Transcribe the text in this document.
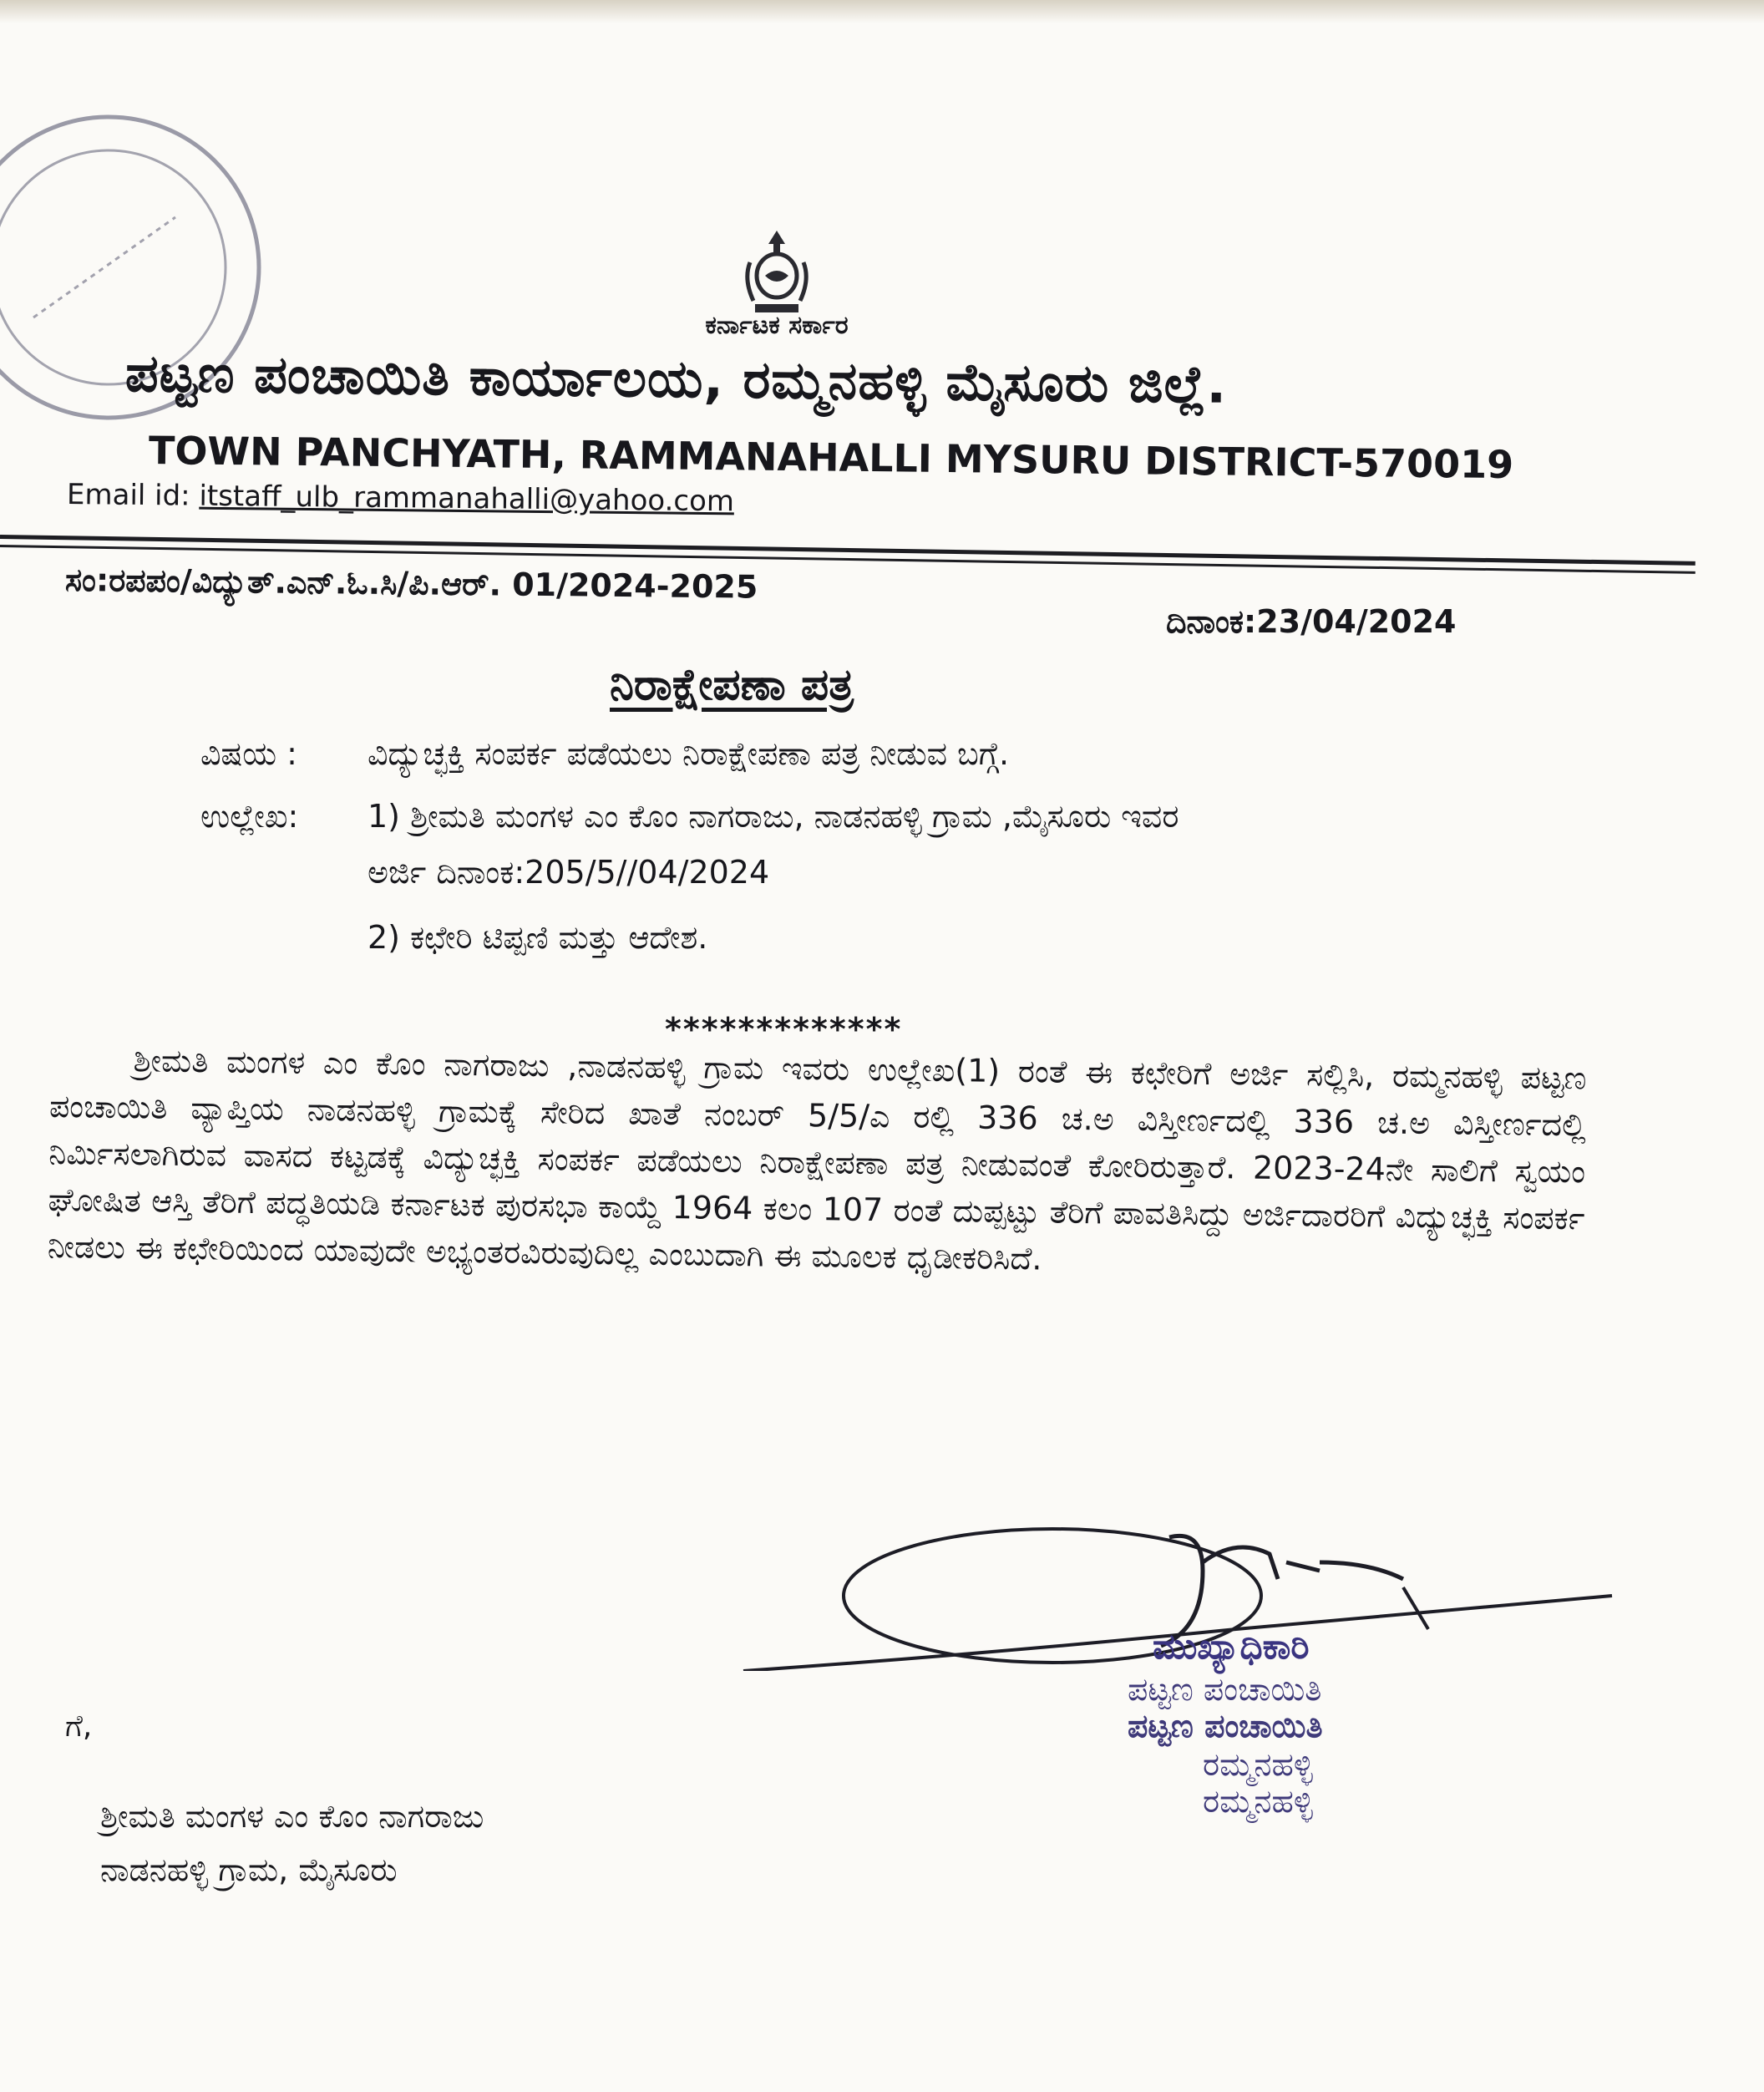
ಕರ್ನಾಟಕ ಸರ್ಕಾರ
ಪಟ್ಟಣ ಪಂಚಾಯಿತಿ ಕಾರ್ಯಾಲಯ, ರಮ್ಮನಹಳ್ಳಿ ಮೈಸೂರು ಜಿಲ್ಲೆ.
TOWN PANCHYATH, RAMMANAHALLI MYSURU DISTRICT-570019
Email id: itstaff_ulb_rammanahalli@yahoo.com
ಸಂ:ರಪಪಂ/ವಿದ್ಯುತ್.ಎನ್.ಓ.ಸಿ/ಪಿ.ಆರ್. 01/2024-2025
ದಿನಾಂಕ:23/04/2024
ನಿರಾಕ್ಷೇಪಣಾ ಪತ್ರ
ವಿಷಯ : ವಿದ್ಯುಚ್ಛಕ್ತಿ ಸಂಪರ್ಕ ಪಡೆಯಲು ನಿರಾಕ್ಷೇಪಣಾ ಪತ್ರ ನೀಡುವ ಬಗ್ಗೆ.
ಉಲ್ಲೇಖ: 1) ಶ್ರೀಮತಿ ಮಂಗಳ ಎಂ ಕೊಂ ನಾಗರಾಜು, ನಾಡನಹಳ್ಳಿ ಗ್ರಾಮ ,ಮೈಸೂರು ಇವರ
ಅರ್ಜಿ ದಿನಾಂಕ:205/5//04/2024
2) ಕಛೇರಿ ಟಿಪ್ಪಣಿ ಮತ್ತು ಆದೇಶ.
*************
ಶ್ರೀಮತಿ ಮಂಗಳ ಎಂ ಕೊಂ ನಾಗರಾಜು ,ನಾಡನಹಳ್ಳಿ ಗ್ರಾಮ ಇವರು ಉಲ್ಲೇಖ(1) ರಂತೆ ಈ ಕಛೇರಿಗೆ ಅರ್ಜಿ ಸಲ್ಲಿಸಿ, ರಮ್ಮನಹಳ್ಳಿ ಪಟ್ಟಣ ಪಂಚಾಯಿತಿ ವ್ಯಾಪ್ತಿಯ ನಾಡನಹಳ್ಳಿ ಗ್ರಾಮಕ್ಕೆ ಸೇರಿದ ಖಾತೆ ನಂಬರ್ 5/5/ಎ ರಲ್ಲಿ 336 ಚ.ಅ ವಿಸ್ತೀರ್ಣದಲ್ಲಿ 336 ಚ.ಅ ವಿಸ್ತೀರ್ಣದಲ್ಲಿ ನಿರ್ಮಿಸಲಾಗಿರುವ ವಾಸದ ಕಟ್ಟಡಕ್ಕೆ ವಿದ್ಯುಚ್ಛಕ್ತಿ ಸಂಪರ್ಕ ಪಡೆಯಲು ನಿರಾಕ್ಷೇಪಣಾ ಪತ್ರ ನೀಡುವಂತೆ ಕೋರಿರುತ್ತಾರೆ. 2023-24ನೇ ಸಾಲಿಗೆ ಸ್ವಯಂ ಘೋಷಿತ ಆಸ್ತಿ ತೆರಿಗೆ ಪದ್ಧತಿಯಡಿ ಕರ್ನಾಟಕ ಪುರಸಭಾ ಕಾಯ್ದೆ 1964 ಕಲಂ 107 ರಂತೆ ದುಪ್ಪಟ್ಟು ತೆರಿಗೆ ಪಾವತಿಸಿದ್ದು ಅರ್ಜಿದಾರರಿಗೆ ವಿದ್ಯುಚ್ಛಕ್ತಿ ಸಂಪರ್ಕ ನೀಡಲು ಈ ಕಛೇರಿಯಿಂದ ಯಾವುದೇ ಅಭ್ಯಂತರವಿರುವುದಿಲ್ಲ ಎಂಬುದಾಗಿ ಈ ಮೂಲಕ ಧೃಡೀಕರಿಸಿದೆ.
ಮುಖ್ಯಾಧಿಕಾರಿ
ಪಟ್ಟಣ ಪಂಚಾಯಿತಿ
ಪಟ್ಟಣ ಪಂಚಾಯಿತಿ
ರಮ್ಮನಹಳ್ಳಿ
ರಮ್ಮನಹಳ್ಳಿ
ಗೆ,
ಶ್ರೀಮತಿ ಮಂಗಳ ಎಂ ಕೊಂ ನಾಗರಾಜು
ನಾಡನಹಳ್ಳಿ ಗ್ರಾಮ, ಮೈಸೂರು
